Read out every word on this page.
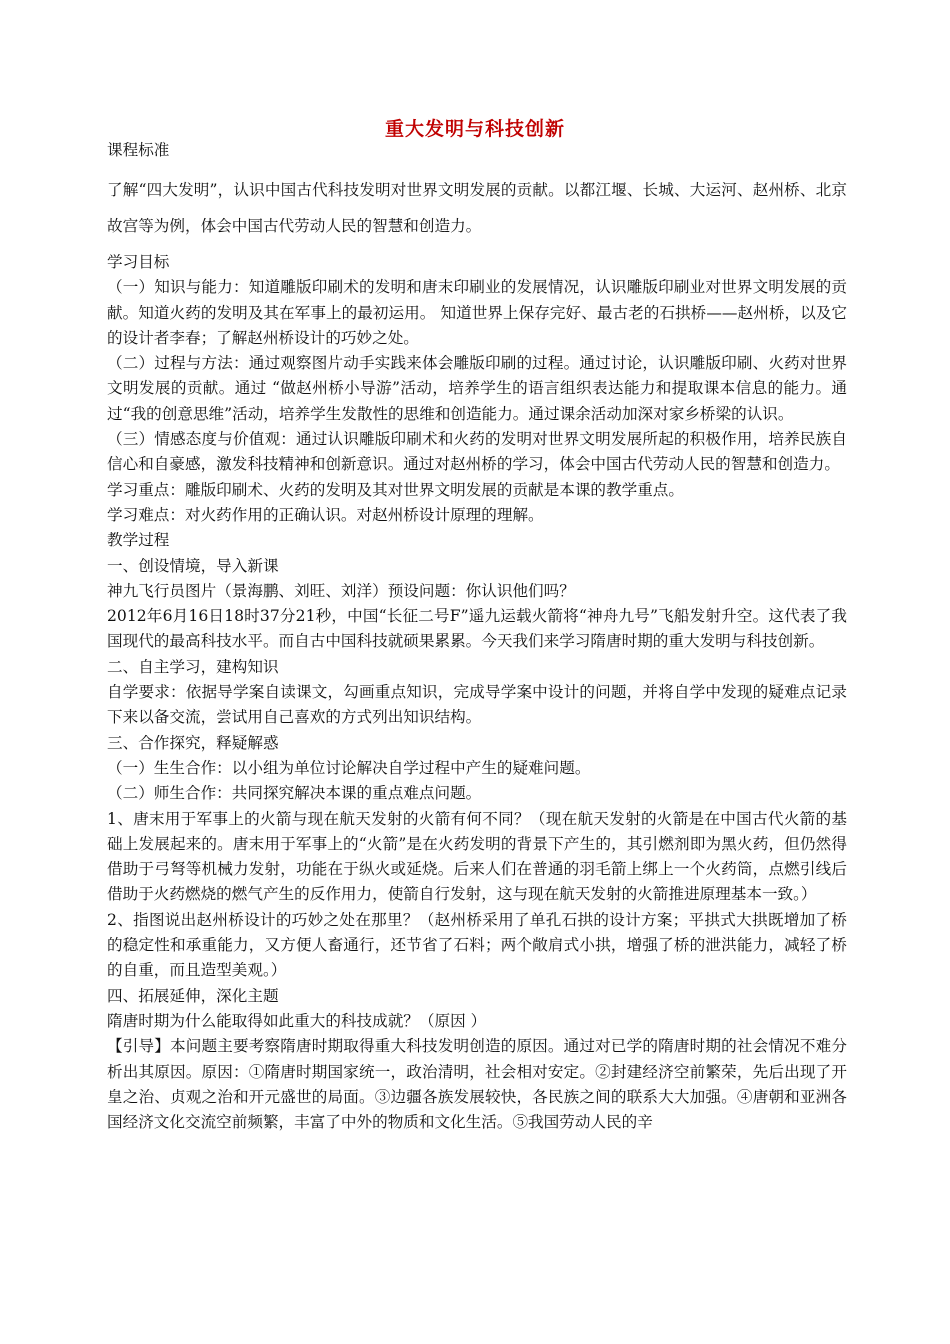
重大发明与科技创新

课程标准

了解“四大发明”，认识中国古代科技发明对世界文明发展的贡献。以都江堰、长城、大运河、赵州桥、北京故宫等为例，体会中国古代劳动人民的智慧和创造力。

学习目标

（一）知识与能力：知道雕版印刷术的发明和唐末印刷业的发展情况，认识雕版印刷业对世界文明发展的贡献。知道火药的发明及其在军事上的最初运用。 知道世界上保存完好、最古老的石拱桥——赵州桥，以及它的设计者李春；了解赵州桥设计的巧妙之处。

（二）过程与方法：通过观察图片动手实践来体会雕版印刷的过程。通过讨论，认识雕版印刷、火药对世界文明发展的贡献。通过 “做赵州桥小导游”活动，培养学生的语言组织表达能力和提取课本信息的能力。通过“我的创意思维”活动，培养学生发散性的思维和创造能力。通过课余活动加深对家乡桥梁的认识。

（三）情感态度与价值观：通过认识雕版印刷术和火药的发明对世界文明发展所起的积极作用，培养民族自信心和自豪感，激发科技精神和创新意识。通过对赵州桥的学习，体会中国古代劳动人民的智慧和创造力。

学习重点：雕版印刷术、火药的发明及其对世界文明发展的贡献是本课的教学重点。

学习难点：对火药作用的正确认识。对赵州桥设计原理的理解。

教学过程

一、创设情境，导入新课

神九飞行员图片（景海鹏、刘旺、刘洋）预设问题：你认识他们吗？

2012年6月16日18时37分21秒，中国“长征二号F”遥九运载火箭将“神舟九号”飞船发射升空。这代表了我国现代的最高科技水平。而自古中国科技就硕果累累。今天我们来学习隋唐时期的重大发明与科技创新。

二、自主学习，建构知识

自学要求：依据导学案自读课文，勾画重点知识，完成导学案中设计的问题，并将自学中发现的疑难点记录下来以备交流，尝试用自己喜欢的方式列出知识结构。

三、合作探究，释疑解惑

（一）生生合作：以小组为单位讨论解决自学过程中产生的疑难问题。

（二）师生合作：共同探究解决本课的重点难点问题。

1、唐末用于军事上的火箭与现在航天发射的火箭有何不同？（现在航天发射的火箭是在中国古代火箭的基础上发展起来的。唐末用于军事上的“火箭”是在火药发明的背景下产生的，其引燃剂即为黑火药，但仍然得借助于弓弩等机械力发射，功能在于纵火或延烧。后来人们在普通的羽毛箭上绑上一个火药筒，点燃引线后借助于火药燃烧的燃气产生的反作用力，使箭自行发射，这与现在航天发射的火箭推进原理基本一致。）

2、指图说出赵州桥设计的巧妙之处在那里？（赵州桥采用了单孔石拱的设计方案；平拱式大拱既增加了桥的稳定性和承重能力，又方便人畜通行，还节省了石料；两个敞肩式小拱，增强了桥的泄洪能力，减轻了桥的自重，而且造型美观。）

四、拓展延伸，深化主题

隋唐时期为什么能取得如此重大的科技成就？（原因 ）

【引导】本问题主要考察隋唐时期取得重大科技发明创造的原因。通过对已学的隋唐时期的社会情况不难分析出其原因。原因：①隋唐时期国家统一，政治清明，社会相对安定。②封建经济空前繁荣，先后出现了开皇之治、贞观之治和开元盛世的局面。③边疆各族发展较快，各民族之间的联系大大加强。④唐朝和亚洲各国经济文化交流空前频繁，丰富了中外的物质和文化生活。⑤我国劳动人民的辛
